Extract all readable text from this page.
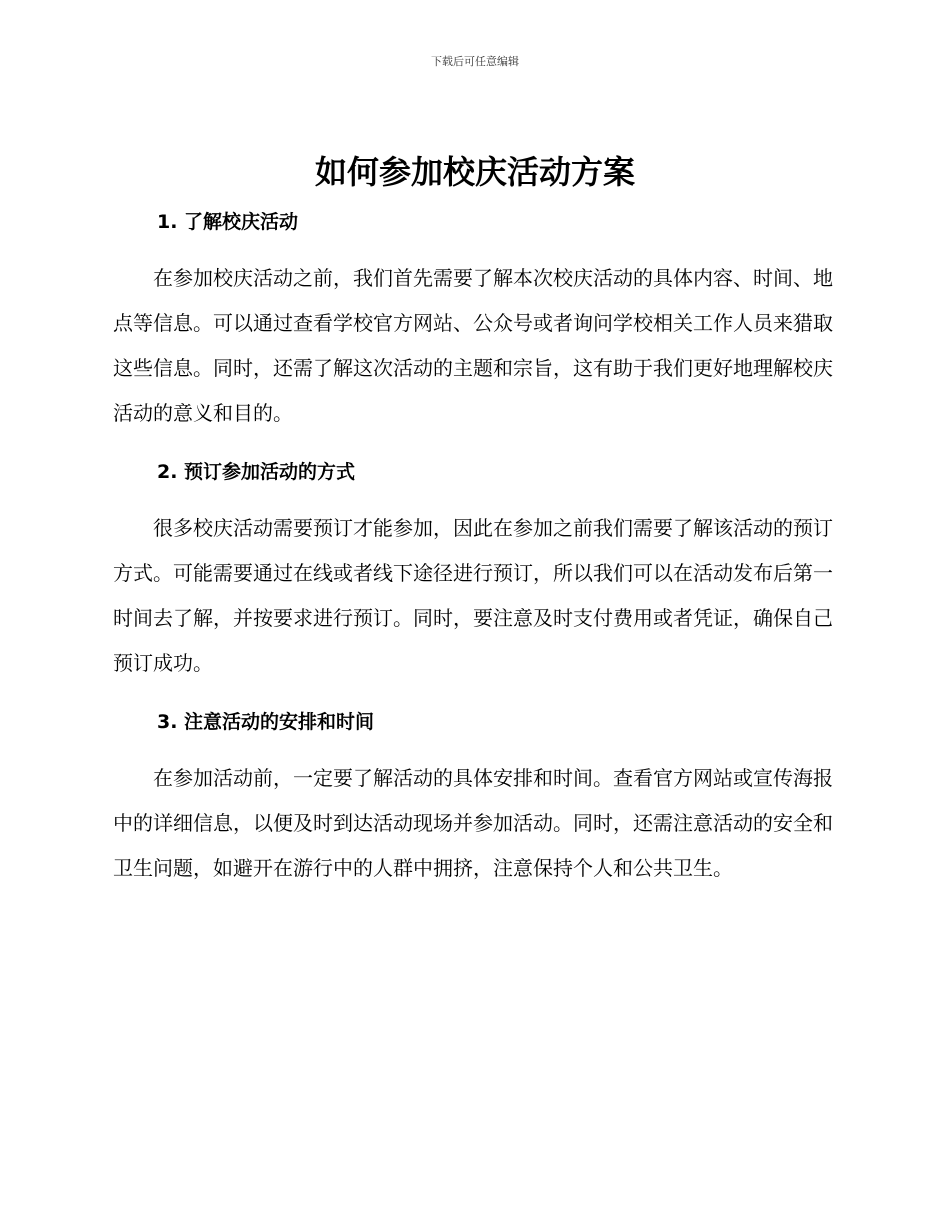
下载后可任意编辑
如何参加校庆活动方案
1. 了解校庆活动

在参加校庆活动之前，我们首先需要了解本次校庆活动的具体内容、时间、地点等信息。可以通过查看学校官方网站、公众号或者询问学校相关工作人员来猎取这些信息。同时，还需了解这次活动的主题和宗旨，这有助于我们更好地理解校庆活动的意义和目的。

2. 预订参加活动的方式

很多校庆活动需要预订才能参加，因此在参加之前我们需要了解该活动的预订方式。可能需要通过在线或者线下途径进行预订，所以我们可以在活动发布后第一时间去了解，并按要求进行预订。同时，要注意及时支付费用或者凭证，确保自己预订成功。

3. 注意活动的安排和时间

在参加活动前，一定要了解活动的具体安排和时间。查看官方网站或宣传海报中的详细信息，以便及时到达活动现场并参加活动。同时，还需注意活动的安全和卫生问题，如避开在游行中的人群中拥挤，注意保持个人和公共卫生。
